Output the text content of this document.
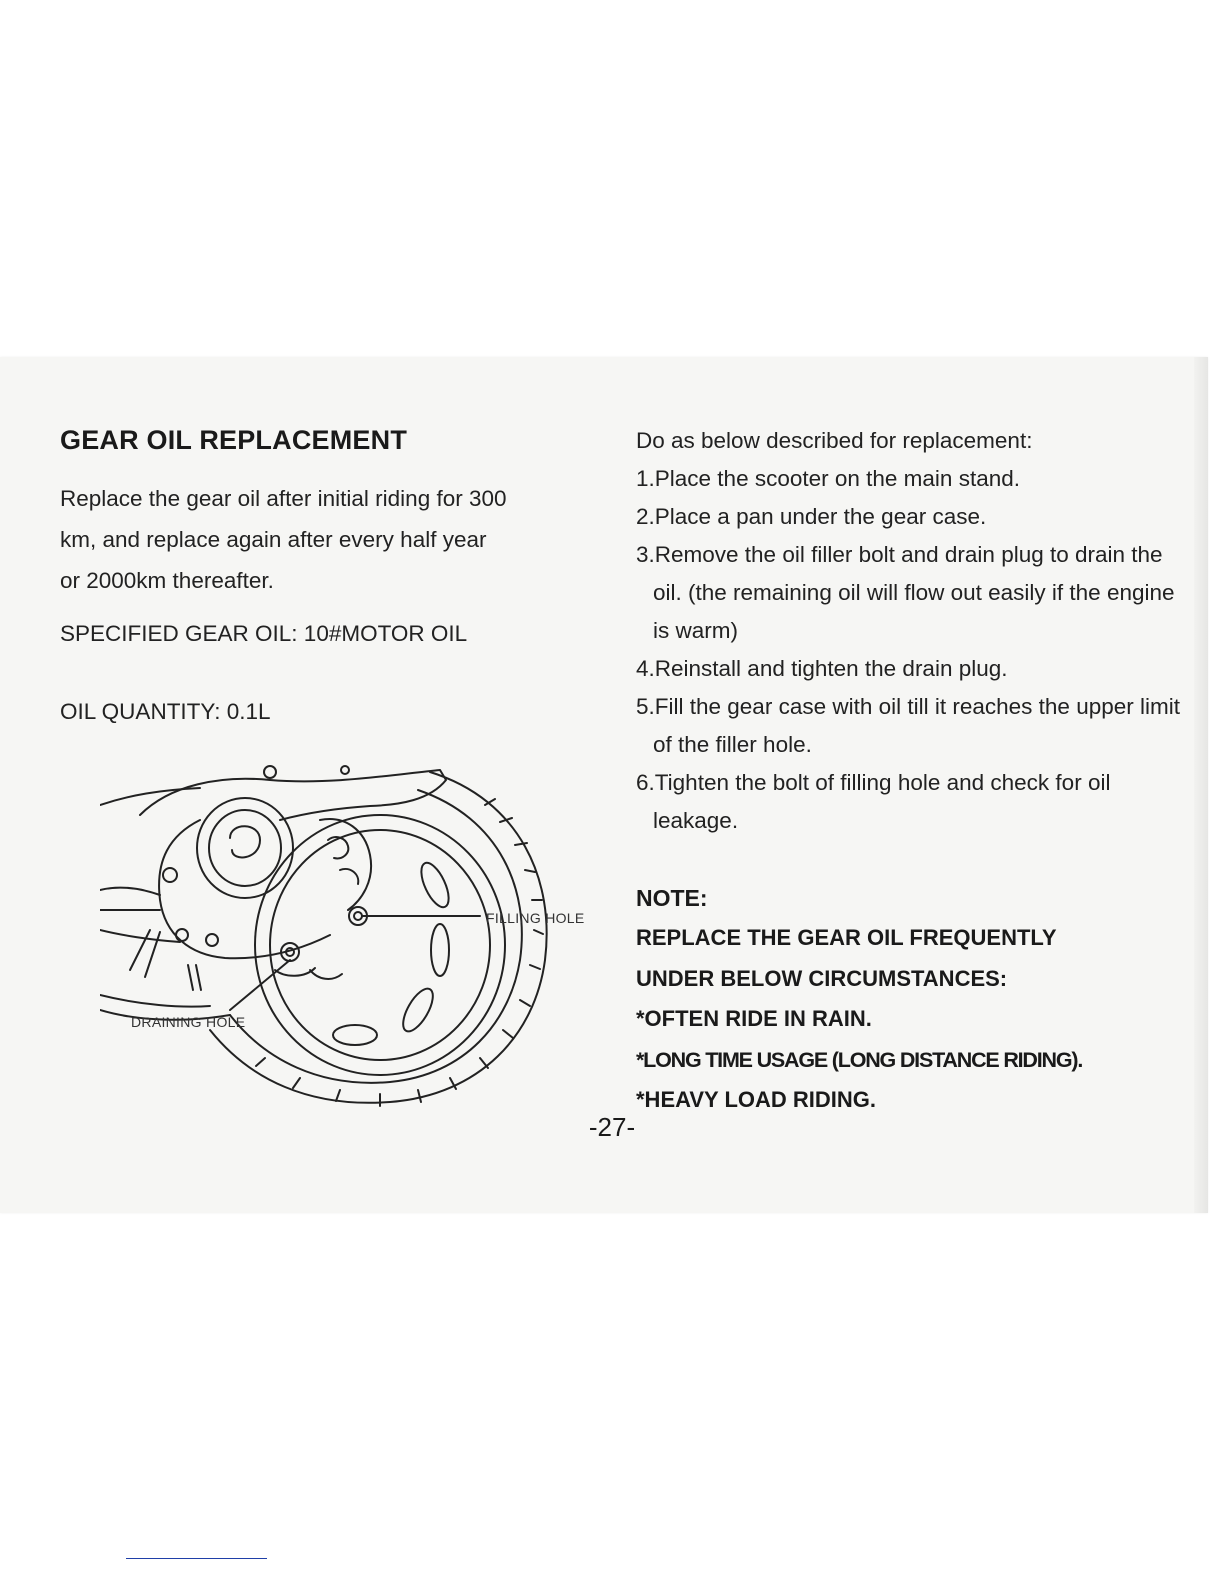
GEAR OIL REPLACEMENT

Replace the gear oil after initial riding for 300

km, and replace again after every half year

or 2000km thereafter.

SPECIFIED GEAR OIL: 10#MOTOR OIL
OIL QUANTITY: 0.1L
FILLING HOLE
DRAINING HOLE
Do as below described for replacement:
1.Place the scooter on the main stand.
2.Place a pan under the gear case.
3.Remove the oil filler bolt and drain plug to drain the oil. (the remaining oil will flow out easily if the engine is warm)
4.Reinstall and tighten the drain plug.
5.Fill the gear case with oil till it reaches the upper limit of the filler hole.
6.Tighten the bolt of filling hole and check for oil leakage.
NOTE:
REPLACE THE GEAR OIL FREQUENTLY
UNDER BELOW CIRCUMSTANCES:
*OFTEN RIDE IN RAIN.
*LONG TIME USAGE (LONG DISTANCE RIDING).
*HEAVY LOAD RIDING.
-27-
